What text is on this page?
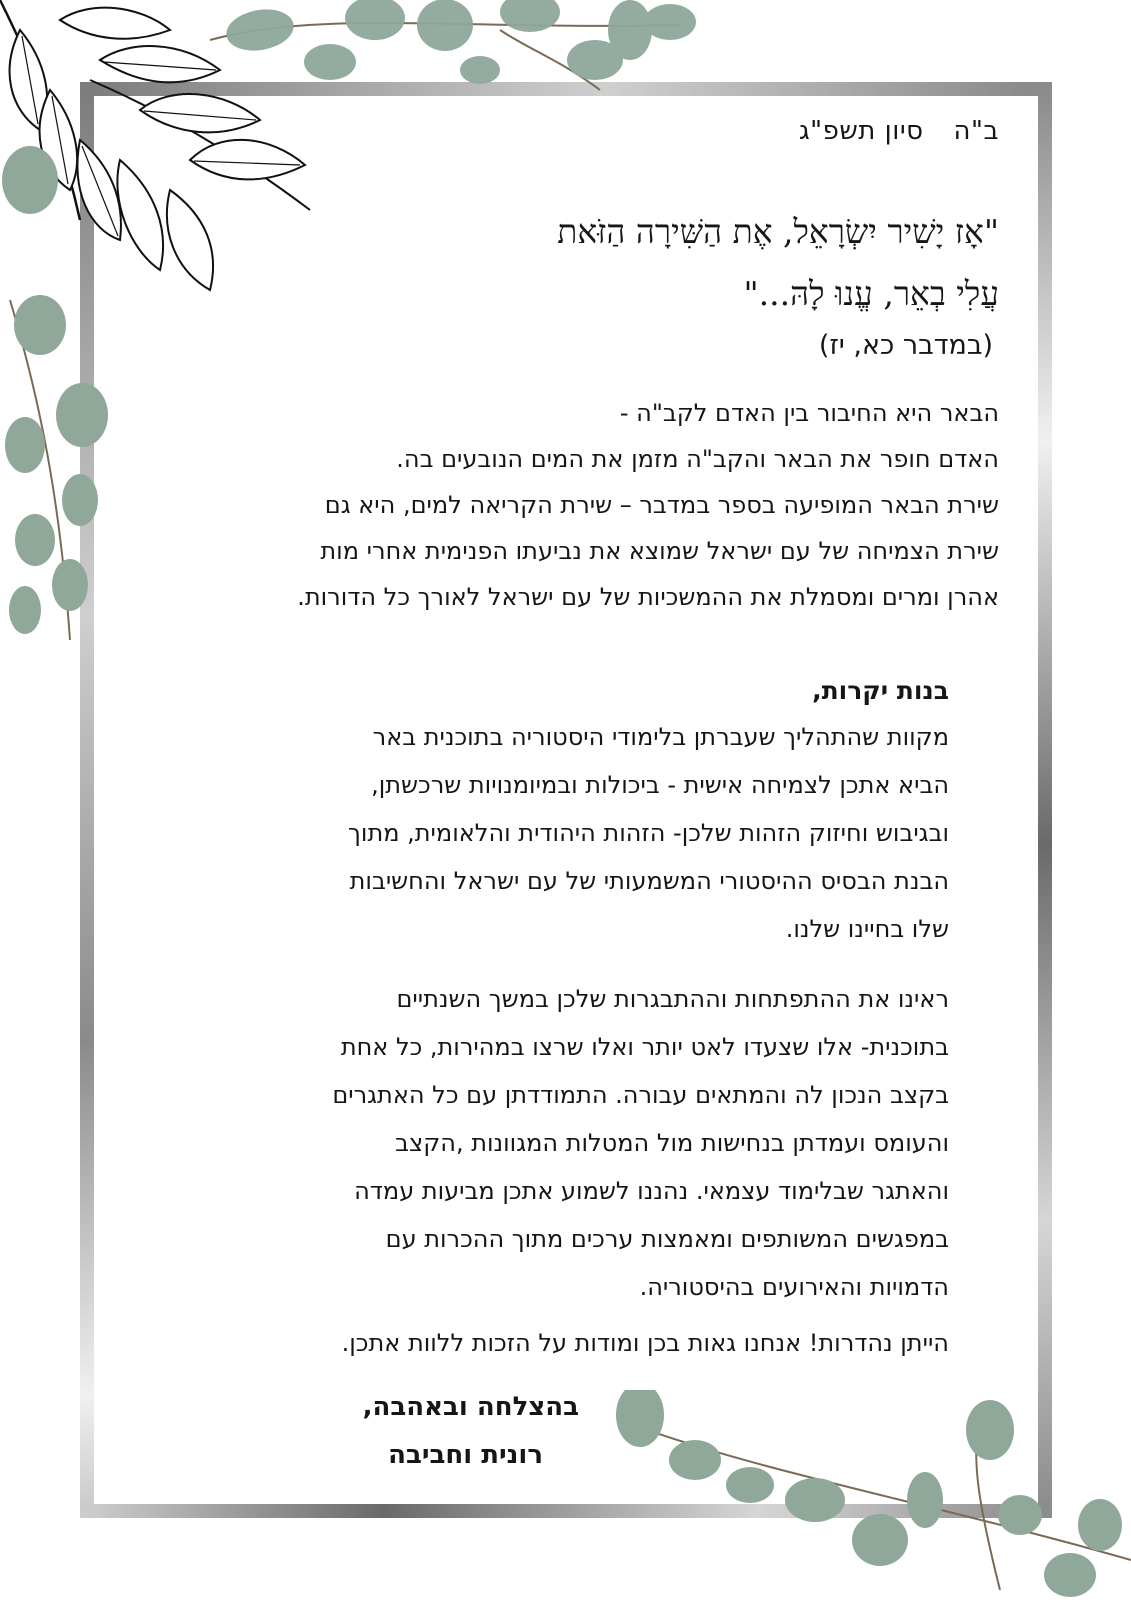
ב"הסיון תשפ"ג

"אָז יָשִׁיר יִשְׂרָאֵל, אֶת הַשִּׁירָה הַזֹּאת

עֲלִי בְאֵר, עֱנוּ לָהּ..."

(במדבר כא, יז)

הבאר היא החיבור בין האדם לקב"ה -

האדם חופר את הבאר והקב"ה מזמן את המים הנובעים בה.

שירת הבאר המופיעה בספר במדבר – שירת הקריאה למים, היא גם

שירת הצמיחה של עם ישראל שמוצא את נביעתו הפנימית אחרי מות

אהרן ומרים ומסמלת את ההמשכיות של עם ישראל לאורך כל הדורות.

בנות יקרות,

מקוות שהתהליך שעברתן בלימודי היסטוריה בתוכנית באר

הביא אתכן לצמיחה אישית - ביכולות ובמיומנויות שרכשתן,

ובגיבוש וחיזוק הזהות שלכן- הזהות היהודית והלאומית, מתוך

הבנת הבסיס ההיסטורי המשמעותי של עם ישראל והחשיבות

שלו בחיינו שלנו.

ראינו את ההתפתחות וההתבגרות שלכן במשך השנתיים

בתוכנית- אלו שצעדו לאט יותר ואלו שרצו במהירות, כל אחת

בקצב הנכון לה והמתאים עבורה. התמודדתן עם כל האתגרים

והעומס ועמדתן בנחישות מול המטלות המגוונות ,הקצב

והאתגר שבלימוד עצמאי. נהננו לשמוע אתכן מביעות עמדה

במפגשים המשותפים ומאמצות ערכים מתוך ההכרות עם

הדמויות והאירועים בהיסטוריה.

הייתן נהדרות! אנחנו גאות בכן ומודות על הזכות ללוות אתכן.

בהצלחה ובאהבה,

רונית וחביבה
